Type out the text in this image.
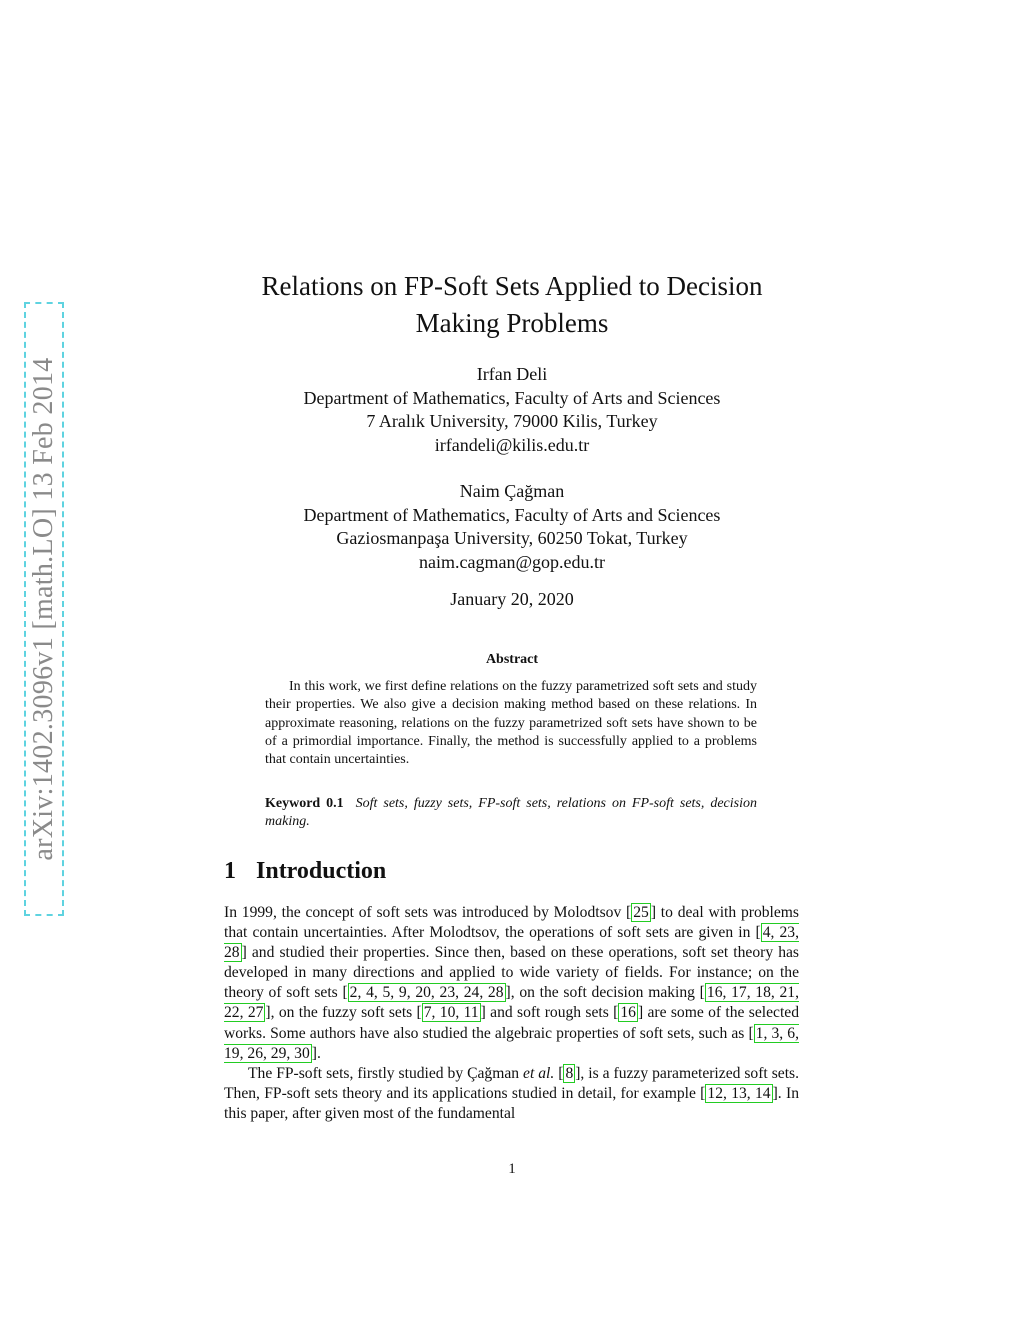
arXiv:1402.3096v1 [math.LO] 13 Feb 2014
Relations on FP-Soft Sets Applied to Decision
Making Problems
Irfan Deli
Department of Mathematics, Faculty of Arts and Sciences
7 Aralık University, 79000 Kilis, Turkey
irfandeli@kilis.edu.tr
Naim Çağman
Department of Mathematics, Faculty of Arts and Sciences
Gaziosmanpaşa University, 60250 Tokat, Turkey
naim.cagman@gop.edu.tr
January 20, 2020
Abstract

In this work, we first define relations on the fuzzy parametrized soft sets and study their properties. We also give a decision making method based on these relations. In approximate reasoning, relations on the fuzzy parametrized soft sets have shown to be of a primordial importance. Finally, the method is successfully applied to a problems that contain uncertainties.

Keyword 0.1 Soft sets, fuzzy sets, FP-soft sets, relations on FP-soft sets, decision making.

1 Introduction

In 1999, the concept of soft sets was introduced by Molodtsov [ 25 ] to deal with problems that contain uncertainties. After Molodtsov, the operations of soft sets are given in [ 4, 23, 28 ] and studied their properties. Since then, based on these operations, soft set theory has developed in many directions and applied to wide variety of fields. For instance; on the theory of soft sets [ 2, 4, 5, 9, 20, 23, 24, 28 ], on the soft decision making [ 16, 17, 18, 21, 22, 27 ], on the fuzzy soft sets [ 7, 10, 11 ] and soft rough sets [ 16 ] are some of the selected works. Some authors have also studied the algebraic properties of soft sets, such as [ 1, 3, 6, 19, 26, 29, 30 ].

The FP-soft sets, firstly studied by Çağman et al. [ 8 ], is a fuzzy parameterized soft sets. Then, FP-soft sets theory and its applications studied in detail, for example [ 12, 13, 14 ]. In this paper, after given most of the fundamental

1
